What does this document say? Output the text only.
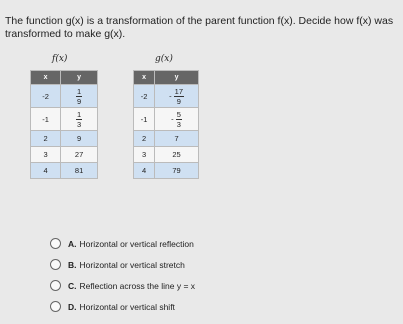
The function g(x) is a transformation of the parent function f(x). Decide how f(x) was transformed to make g(x).
f(x)
x	y
-2	$\frac{1}{9}$

-1	$\frac{1}{3}$

2	9
3	27
4	81
g(x)
x	y
-2	- $\frac{17}{9}$

-1	- $\frac{5}{3}$

2	7
3	25
4	79
A. Horizontal or vertical reflection
B. Horizontal or vertical stretch
C. Reflection across the line y = x
D. Horizontal or vertical shift
